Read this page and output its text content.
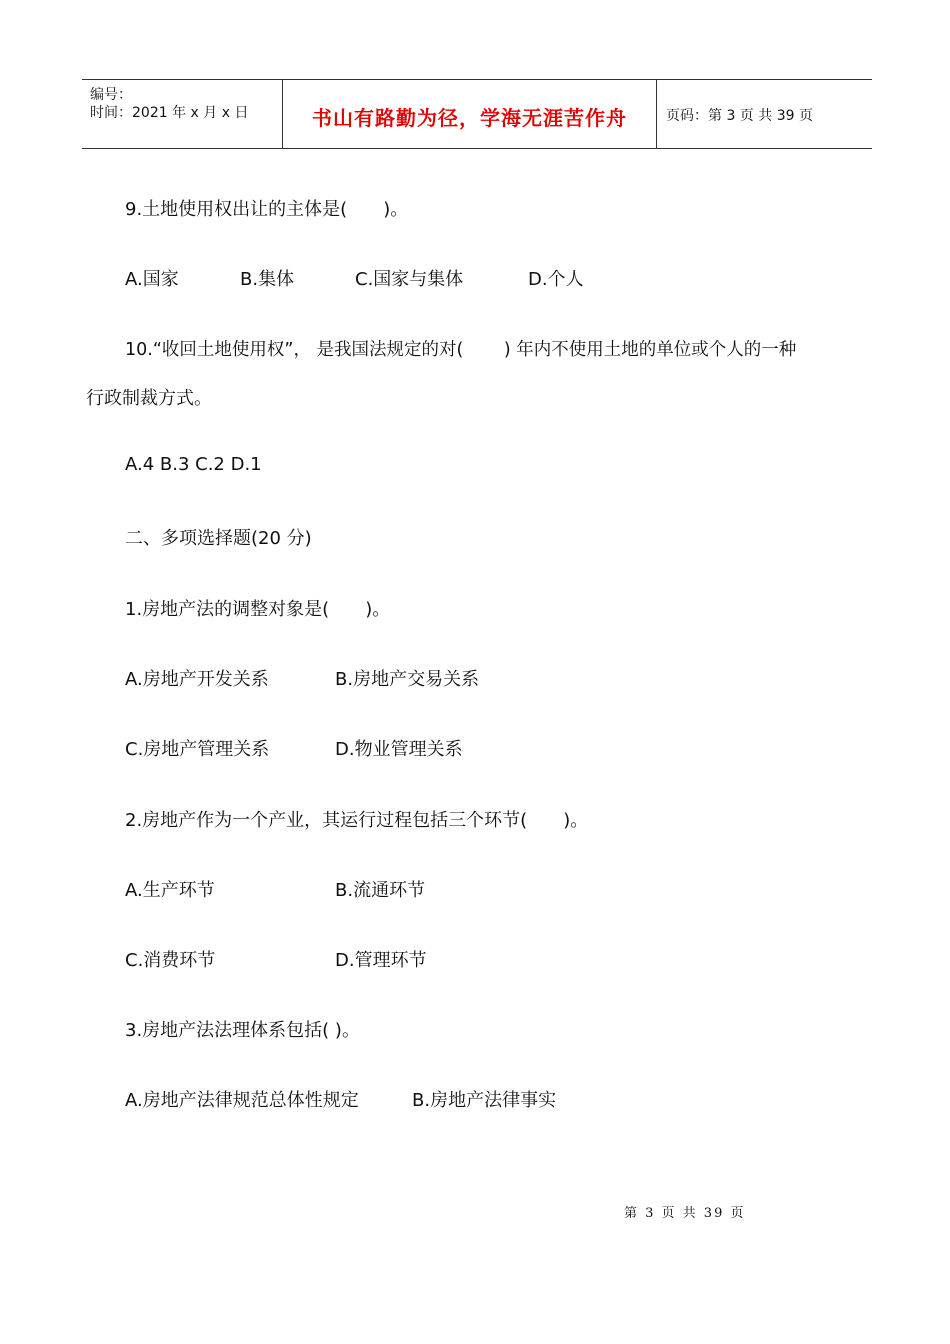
编号：
时间：2021 年 x 月 x 日	书山有路勤为径，学海无涯苦作舟	页码：第 3 页 共 39 页
9.土地使用权出让的主体是(　　)。
A.国家	B.集体	C.国家与集体	D.个人
10.“收回土地使用权”， 是我国法规定的对(　　 ) 年内不使用土地的单位或个人的一种
行政制裁方式。
A.4 B.3 C.2 D.1
二、多项选择题(20 分)
1.房地产法的调整对象是(　　)。
A.房地产开发关系	B.房地产交易关系
C.房地产管理关系	D.物业管理关系
2.房地产作为一个产业，其运行过程包括三个环节(　　)。
A.生产环节	B.流通环节
C.消费环节	D.管理环节
3.房地产法法理体系包括( )。
A.房地产法律规范总体性规定	B.房地产法律事实
第 3 页 共 39 页
